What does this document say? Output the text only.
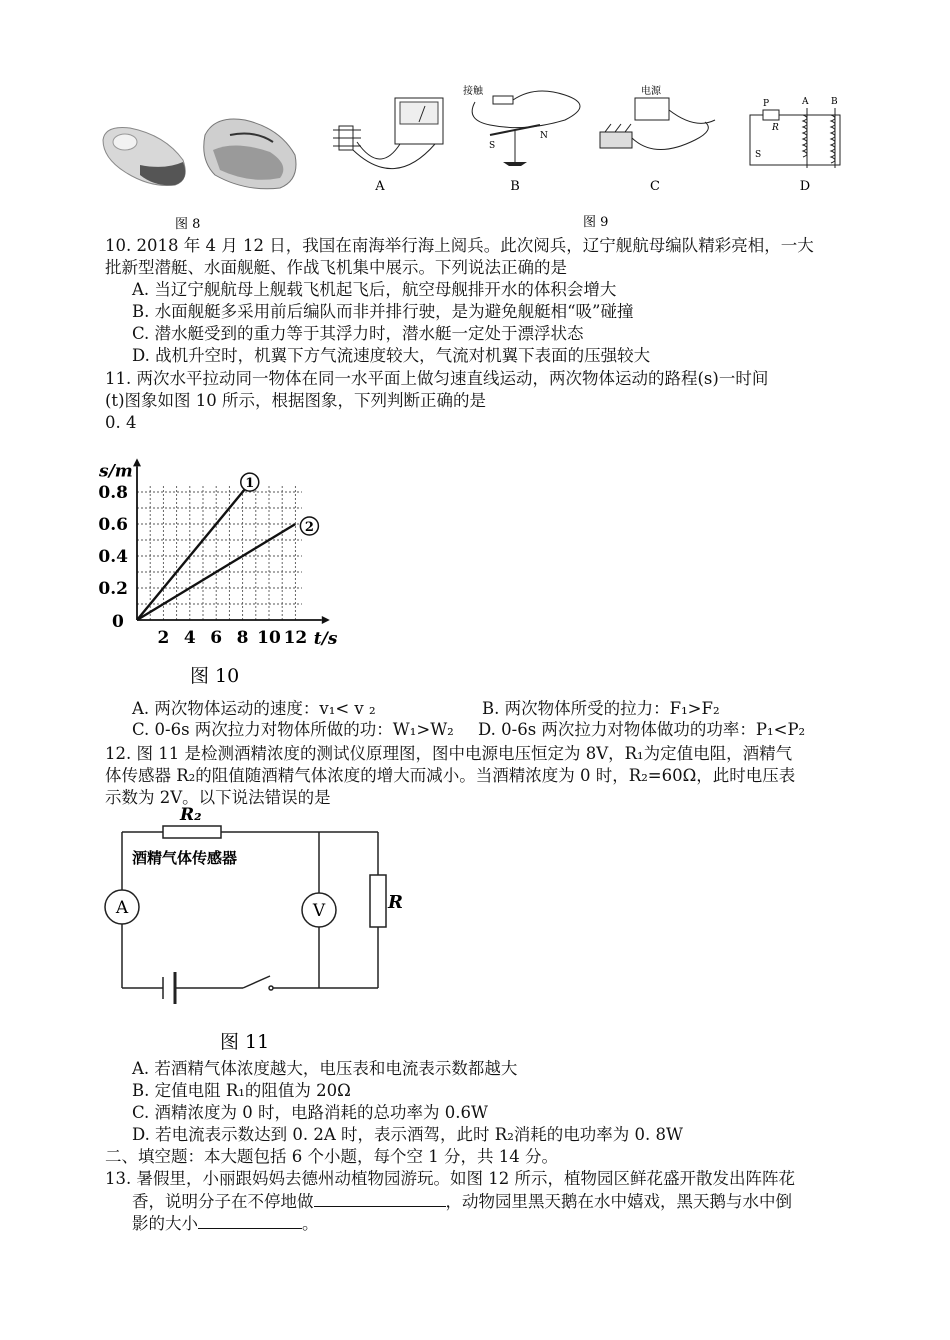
A
接触
S
N
B
电源
C
P
R
S
A	B
D
图 8	图 9
10. 2018 年 4 月 12 日，我国在南海举行海上阅兵。此次阅兵，辽宁舰航母编队精彩亮相，一大
批新型潜艇、水面舰艇、作战飞机集中展示。下列说法正确的是
A. 当辽宁舰航母上舰载飞机起飞后，航空母舰排开水的体积会增大
B. 水面舰艇多采用前后编队而非并排行驶，是为避免舰艇相“吸”碰撞
C. 潜水艇受到的重力等于其浮力时，潜水艇一定处于漂浮状态
D. 战机升空时，机翼下方气流速度较大，气流对机翼下表面的压强较大
11. 两次水平拉动同一物体在同一水平面上做匀速直线运动，两次物体运动的路程(s)一时间
(t)图象如图 10 所示，根据图象，下列判断正确的是
0. 4
1
2
2 4 6 8 10 12
0.2
0.4
0.6
0.8
s/m
t/s
0
图 10
A. 两次物体运动的速度：v₁< v ₂	B. 两次物体所受的拉力：F₁>F₂
C. 0-6s 两次拉力对物体所做的功：W₁>W₂ D. 0-6s 两次拉力对物体做功的功率：P₁<P₂
12. 图 11 是检测酒精浓度的测试仪原理图，图中电源电压恒定为 8V，R₁为定值电阻，酒精气
体传感器 R₂的阻值随酒精气体浓度的增大而减小。当酒精浓度为 0 时，R₂=60Ω，此时电压表
示数为 2V。以下说法错误的是
R₂
酒精气体传感器
A	V	R
图 11
A. 若酒精气体浓度越大，电压表和电流表示数都越大
B. 定值电阻 R₁的阻值为 20Ω
C. 酒精浓度为 0 时，电路消耗的总功率为 0.6W
D. 若电流表示数达到 0. 2A 时，表示酒驾，此时 R₂消耗的电功率为 0. 8W
二、填空题：本大题包括 6 个小题，每个空 1 分，共 14 分。
13. 暑假里，小丽跟妈妈去德州动植物园游玩。如图 12 所示，植物园区鲜花盛开散发出阵阵花
香，说明分子在不停地做	，动物园里黑天鹅在水中嬉戏，黑天鹅与水中倒
影的大小	。
